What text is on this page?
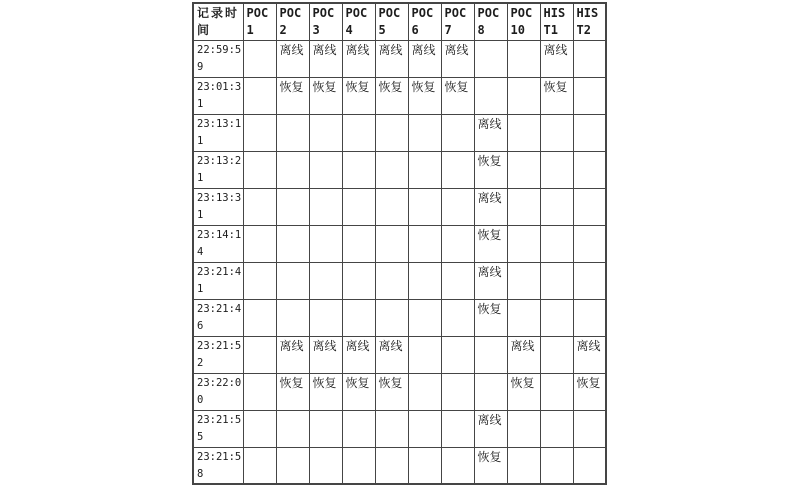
记录时间	POC 1	POC 2	POC 3	POC 4	POC 5	POC 6	POC 7	POC 8	POC 10	HIS T1	HIS T2
22:59:59		离线	离线	离线	离线	离线	离线			离线	
23:01:31		恢复	恢复	恢复	恢复	恢复	恢复			恢复	
23:13:11								离线			
23:13:21								恢复			
23:13:31								离线			
23:14:14								恢复			
23:21:41								离线			
23:21:46								恢复			
23:21:52		离线	离线	离线	离线				离线		离线
23:22:00		恢复	恢复	恢复	恢复				恢复		恢复
23:21:55								离线			
23:21:58								恢复			
